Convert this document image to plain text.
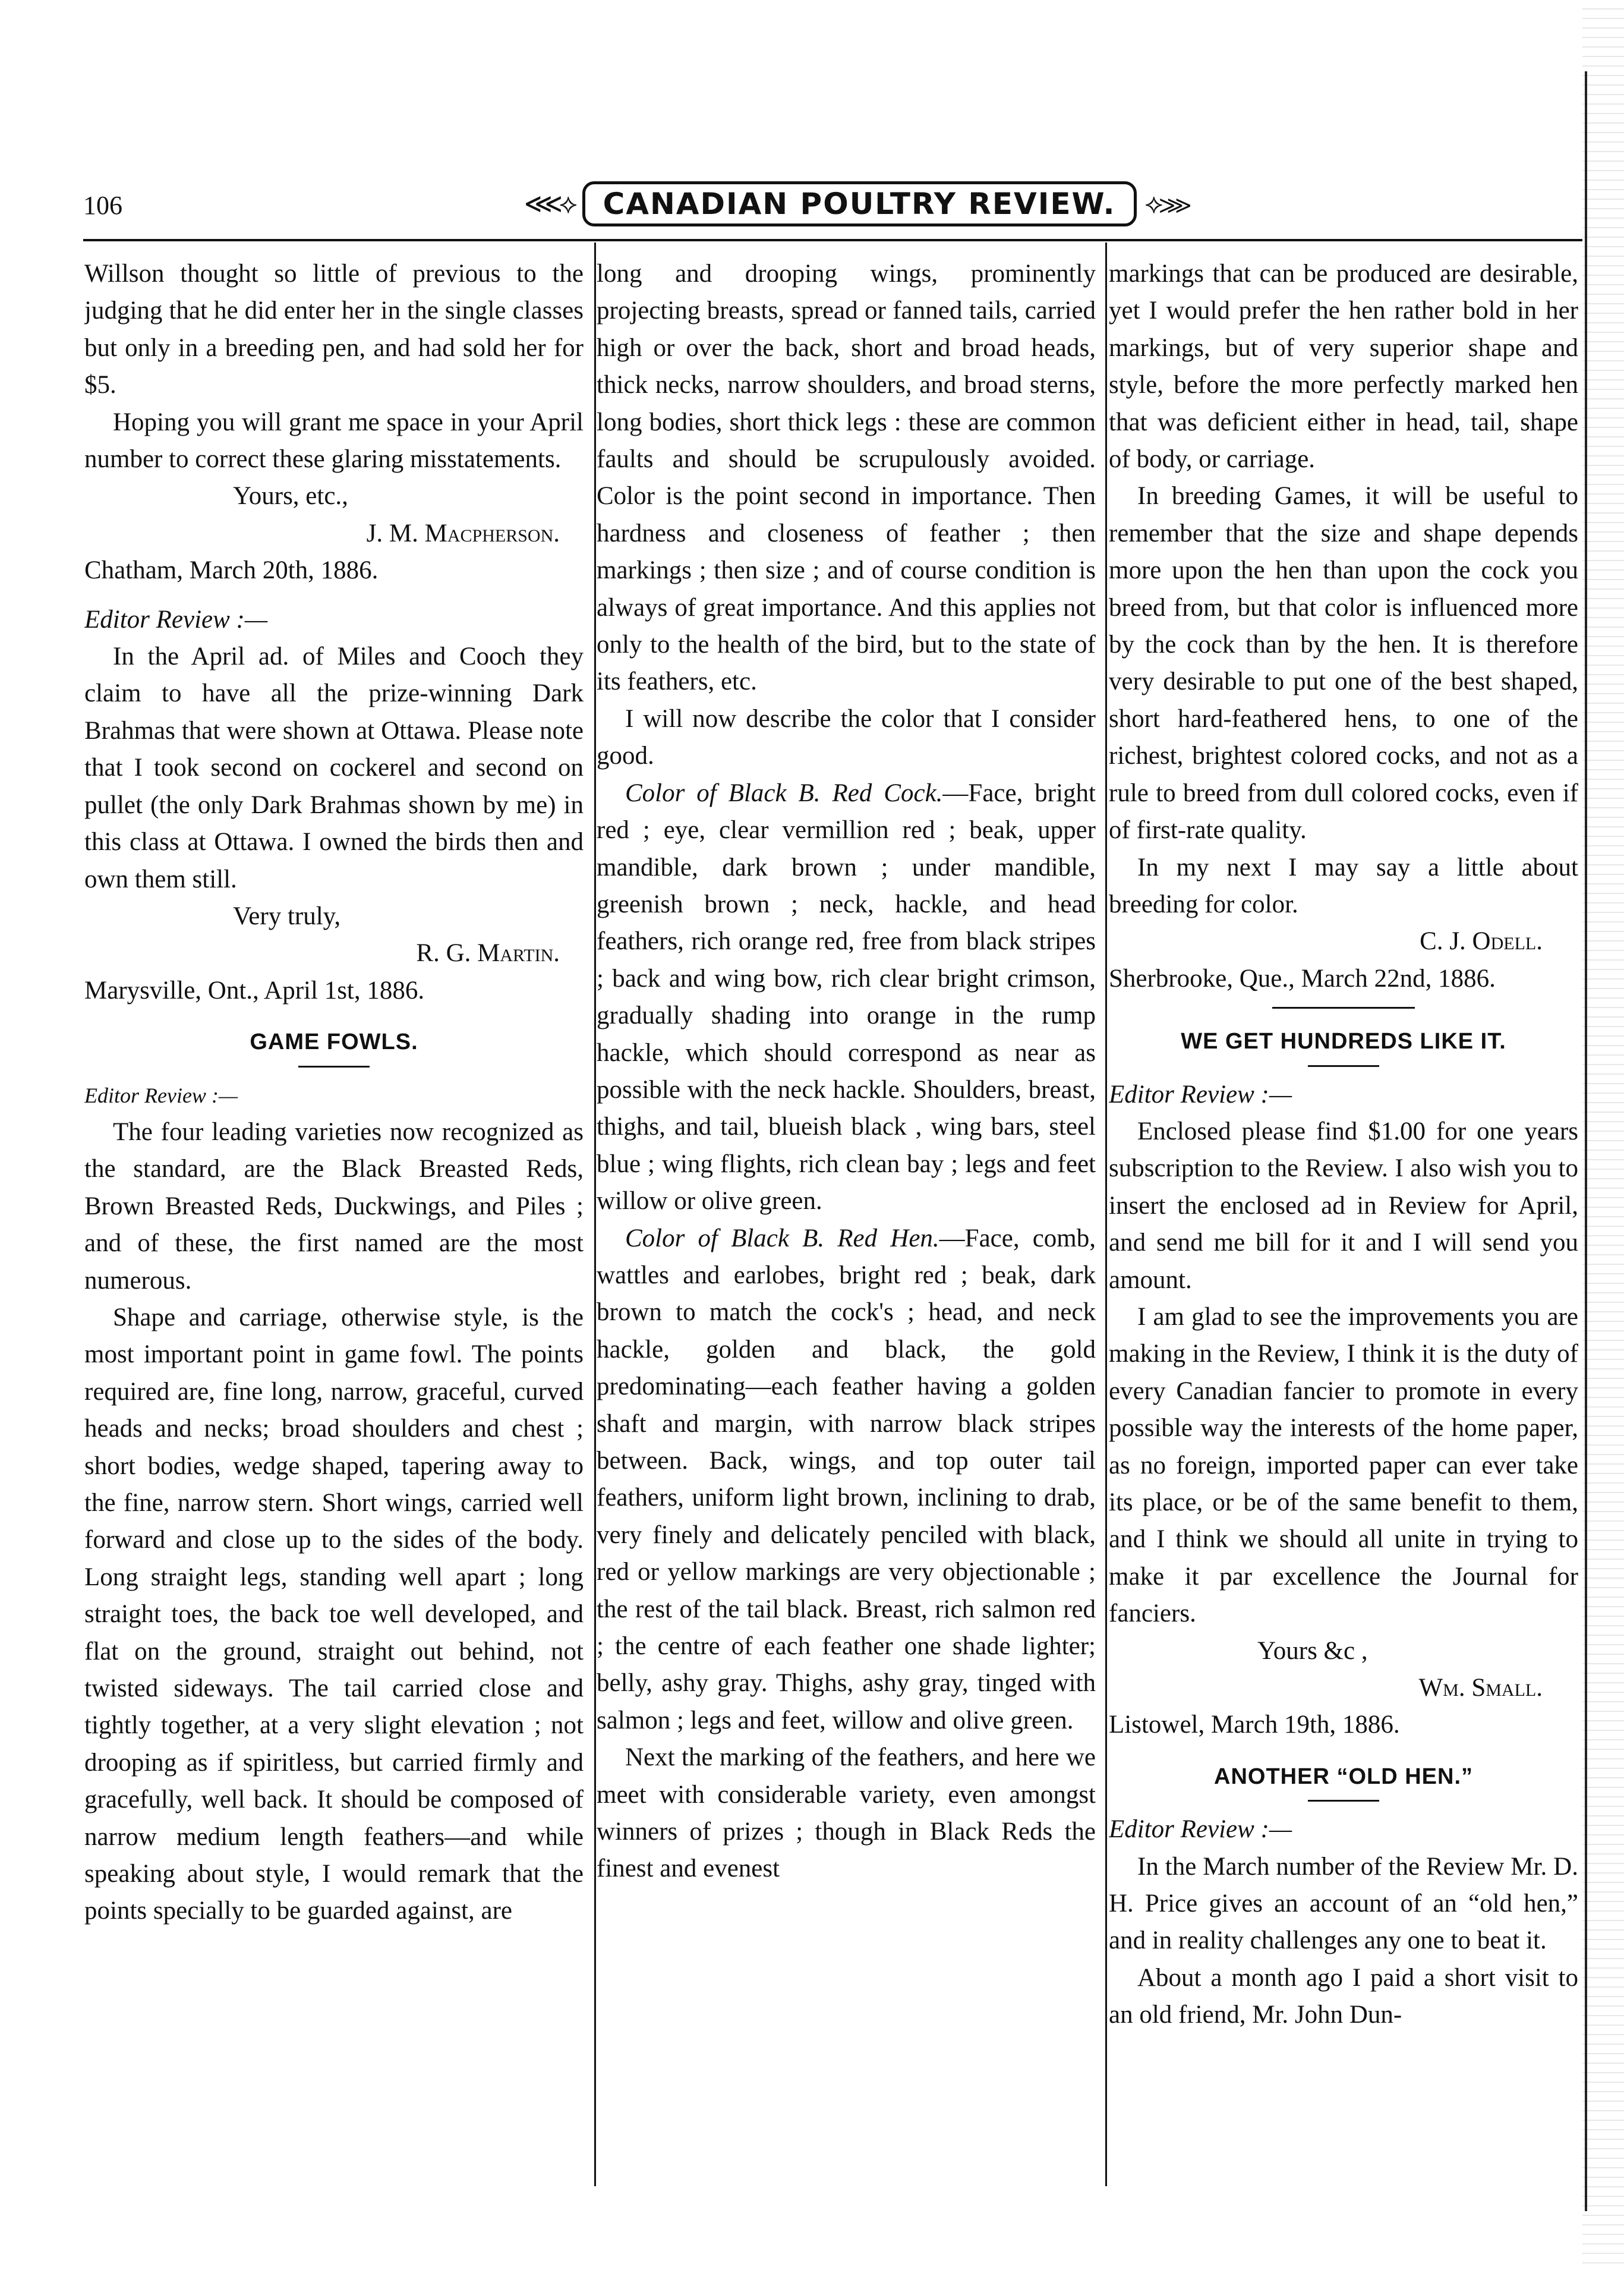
106	⋘⟡ CANADIAN POULTRY REVIEW.	⟡⋙

Willson thought so little of previous to the judging that he did enter her in the single classes but only in a breeding pen, and had sold her for $5.

Hoping you will grant me space in your April number to correct these glaring misstatements.

Yours, etc.,

J. M. Macpherson.

Chatham, March 20th, 1886.

Editor Review :—

In the April ad. of Miles and Cooch they claim to have all the prize-winning Dark Brahmas that were shown at Ottawa. Please note that I took second on cockerel and second on pullet (the only Dark Brahmas shown by me) in this class at Ottawa. I owned the birds then and own them still.

Very truly,

R. G. Martin.

Marysville, Ont., April 1st, 1886.

GAME FOWLS.

Editor Review :—

The four leading varieties now recognized as the standard, are the Black Breasted Reds, Brown Breasted Reds, Duckwings, and Piles ; and of these, the first named are the most numerous.

Shape and carriage, otherwise style, is the most important point in game fowl. The points required are, fine long, narrow, graceful, curved heads and necks; broad shoulders and chest ; short bodies, wedge shaped, tapering away to the fine, narrow stern. Short wings, carried well forward and close up to the sides of the body. Long straight legs, standing well apart ; long straight toes, the back toe well developed, and flat on the ground, straight out behind, not twisted sideways. The tail carried close and tightly together, at a very slight elevation ; not drooping as if spiritless, but carried firmly and gracefully, well back. It should be composed of narrow medium length feathers—and while speaking about style, I would remark that the points specially to be guarded against, are

long and drooping wings, prominently projecting breasts, spread or fanned tails, carried high or over the back, short and broad heads, thick necks, narrow shoulders, and broad sterns, long bodies, short thick legs : these are common faults and should be scrupulously avoided. Color is the point second in importance. Then hardness and closeness of feather ; then markings ; then size ; and of course condition is always of great importance. And this applies not only to the health of the bird, but to the state of its feathers, etc.

I will now describe the color that I consider good.

Color of Black B. Red Cock.—Face, bright red ; eye, clear vermillion red ; beak, upper mandible, dark brown ; under mandible, greenish brown ; neck, hackle, and head feathers, rich orange red, free from black stripes ; back and wing bow, rich clear bright crimson, gradually shading into orange in the rump hackle, which should correspond as near as possible with the neck hackle. Shoulders, breast, thighs, and tail, blueish black , wing bars, steel blue ; wing flights, rich clean bay ; legs and feet willow or olive green.

Color of Black B. Red Hen.—Face, comb, wattles and earlobes, bright red ; beak, dark brown to match the cock's ; head, and neck hackle, golden and black, the gold predominating—each feather having a golden shaft and margin, with narrow black stripes between. Back, wings, and top outer tail feathers, uniform light brown, inclining to drab, very finely and delicately penciled with black, red or yellow markings are very objectionable ; the rest of the tail black. Breast, rich salmon red ; the centre of each feather one shade lighter; belly, ashy gray. Thighs, ashy gray, tinged with salmon ; legs and feet, willow and olive green.

Next the marking of the feathers, and here we meet with considerable variety, even amongst winners of prizes ; though in Black Reds the finest and evenest

markings that can be produced are desirable, yet I would prefer the hen rather bold in her markings, but of very superior shape and style, before the more perfectly marked hen that was deficient either in head, tail, shape of body, or carriage.

In breeding Games, it will be useful to remember that the size and shape depends more upon the hen than upon the cock you breed from, but that color is influenced more by the cock than by the hen. It is therefore very desirable to put one of the best shaped, short hard-feathered hens, to one of the richest, brightest colored cocks, and not as a rule to breed from dull colored cocks, even if of first-rate quality.

In my next I may say a little about breeding for color.

C. J. Odell.

Sherbrooke, Que., March 22nd, 1886.

WE GET HUNDREDS LIKE IT.

Editor Review :—

Enclosed please find $1.00 for one years subscription to the Review. I also wish you to insert the enclosed ad in Review for April, and send me bill for it and I will send you amount.

I am glad to see the improvements you are making in the Review, I think it is the duty of every Canadian fancier to promote in every possible way the interests of the home paper, as no foreign, imported paper can ever take its place, or be of the same benefit to them, and I think we should all unite in trying to make it par excellence the Journal for fanciers.

Yours &c ,

Wm. Small.

Listowel, March 19th, 1886.

ANOTHER “OLD HEN.”

Editor Review :—

In the March number of the Review Mr. D. H. Price gives an account of an “old hen,” and in reality challenges any one to beat it.

About a month ago I paid a short visit to an old friend, Mr. John Dun-
